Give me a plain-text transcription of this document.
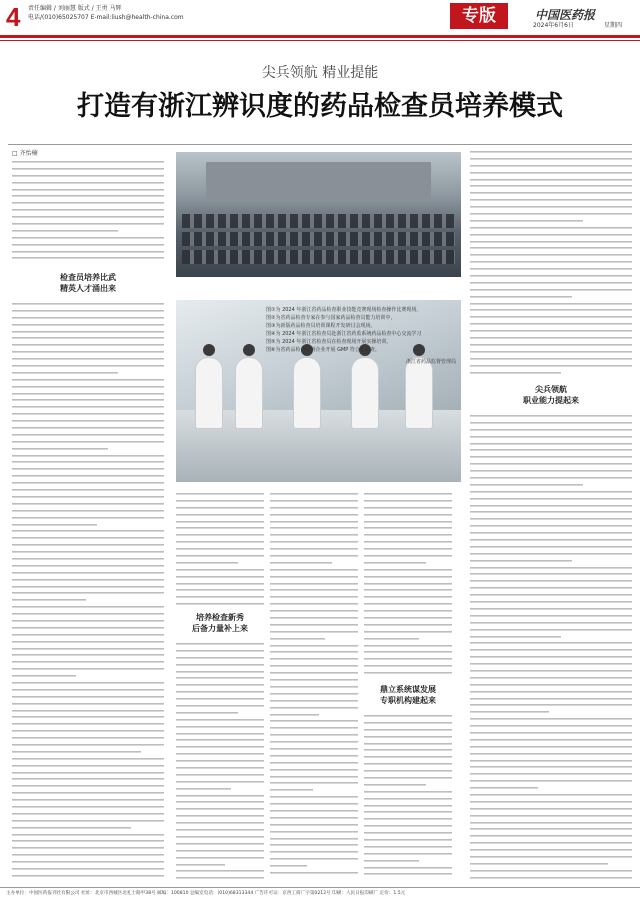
4 责任编辑 / 刘丽慧 版式 / 王勇 马辉
电话/(010)65025707 E-mail:liush@health-china.com	专版	中国医药报
2024年6月6日	星期四
尖兵领航 精业提能
打造有浙江辨识度的药品检查员培养模式
□ 齐怡楠
检查员培养比武
精英人才涌出来
培养检查新秀
后备力量补上来
鼎立系统谋发展
专职机构建起来
尖兵领航
职业能力提起来
图①为 2024 年浙江省药品检查职业技能竞赛现场检查操作比赛现场。
图②为省药品检查专家在参与国家药品检查员能力培训中，
图③为新版药品检查员培训课程开发研讨会现场。
图④为 2024 年浙江省检查员赴浙江省药监系统药品检查中心交流学习
图⑤为 2024 年浙江省检查员在检查现场开展实操培训。
图⑥为省药品检查员到企业开展 GMP 符合性检查。
浙江省药品监督管理局
主办单位：中国医药报刊社有限公司 社址：北京市西城区北礼士路甲38号 邮编：100810 总编室电话：(010)68313344 广告许可证：京西工商广字第0212号 印刷：人民日报印刷厂 定价：1.5元
